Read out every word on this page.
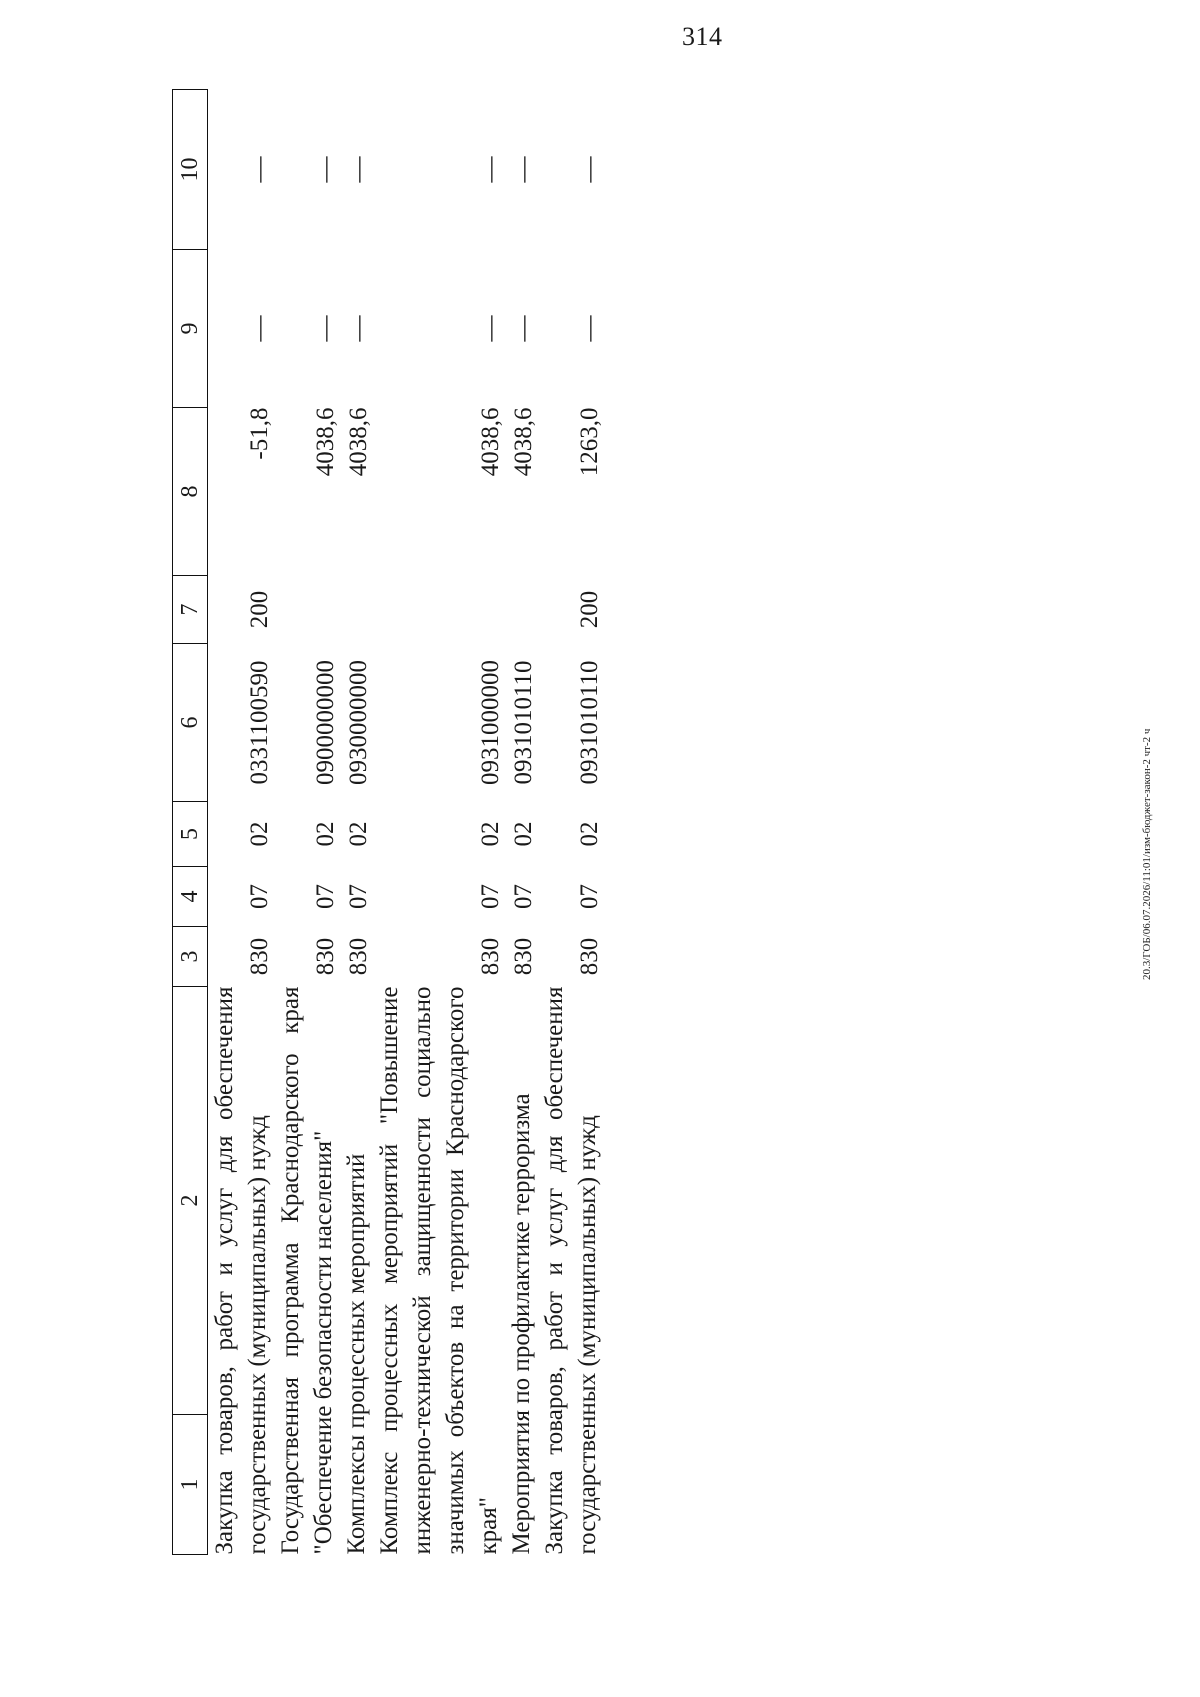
314
20.3/ГОБ/06.07.2026/11:01/изм-бюджет-закон-2 чт-2 ч
1	2	3	4	5	6	7	8	9	10
Закупка товаров, работ и услуг для обеспечения государственных (муниципальных) нужд		830	07	02	0331100590	200	-51,8	—	—
Государственная программа Краснодарского края "Обеспечение безопасности населения"		830	07	02	0900000000		4038,6	—	—
Комплексы процессных мероприятий		830	07	02	0930000000		4038,6	—	—
Комплекс процессных мероприятий "Повышение инженерно-технической защищенности социально значимых объектов на территории Краснодарского края"		830	07	02	0931000000		4038,6	—	—
Мероприятия по профилактике терроризма		830	07	02	0931010110		4038,6	—	—
Закупка товаров, работ и услуг для обеспечения государственных (муниципальных) нужд		830	07	02	0931010110	200	1263,0	—	—
